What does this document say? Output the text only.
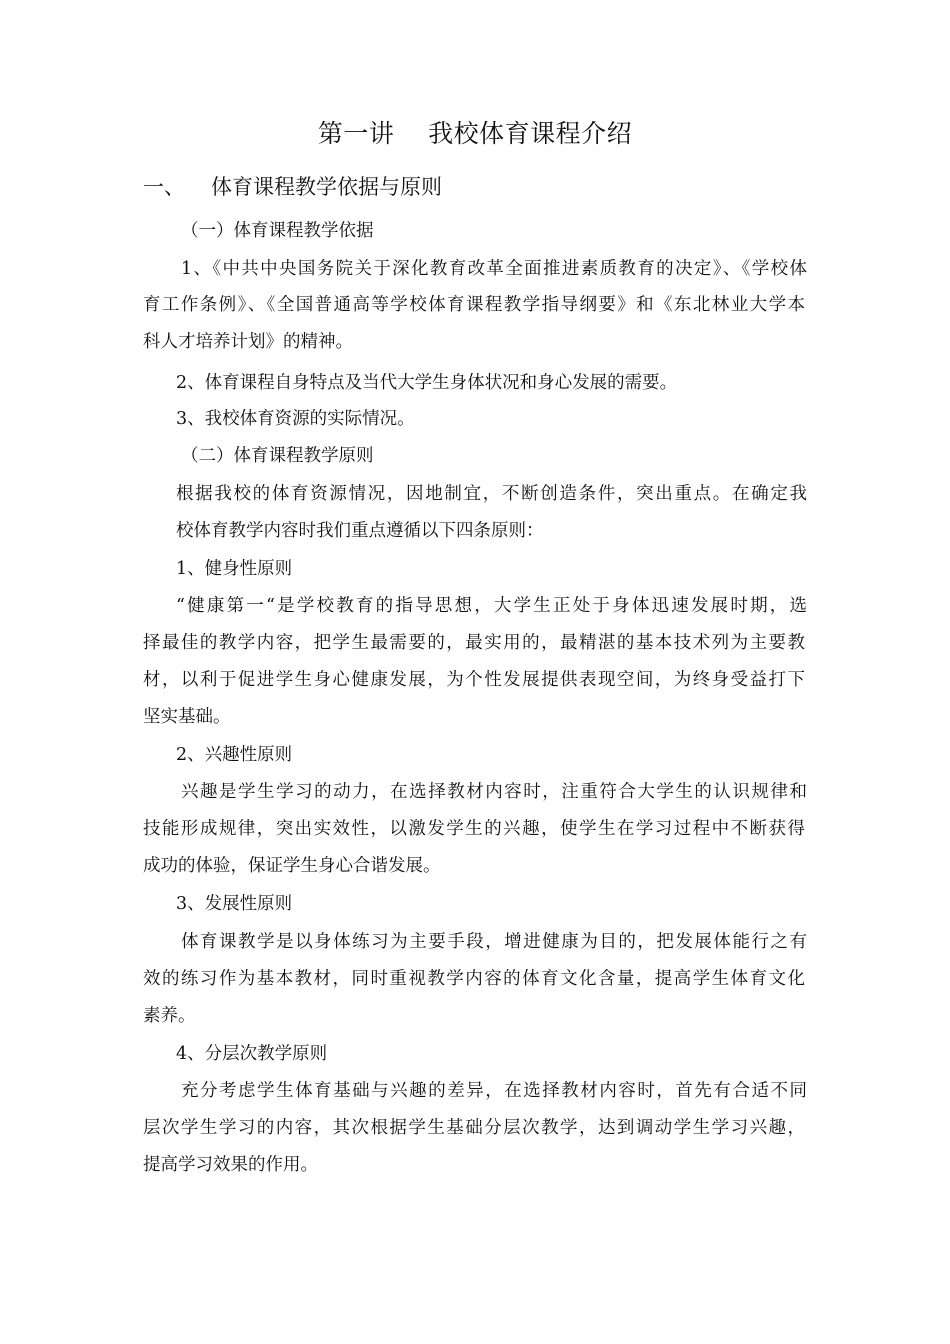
第一讲    我校体育课程介绍
一、 体育课程教学依据与原则
（一）体育课程教学依据
1、《中共中央国务院关于深化教育改革全面推进素质教育的决定》、《学校体
育工作条例》、《全国普通高等学校体育课程教学指导纲要》和《东北林业大学本
科人才培养计划》的精神。
2、体育课程自身特点及当代大学生身体状况和身心发展的需要。
3、我校体育资源的实际情况。
（二）体育课程教学原则
根据我校的体育资源情况，因地制宜，不断创造条件，突出重点。在确定我
校体育教学内容时我们重点遵循以下四条原则：
1、健身性原则
“健康第一“是学校教育的指导思想，大学生正处于身体迅速发展时期，选
择最佳的教学内容，把学生最需要的，最实用的，最精湛的基本技术列为主要教
材，以利于促进学生身心健康发展，为个性发展提供表现空间，为终身受益打下
坚实基础。
2、兴趣性原则
兴趣是学生学习的动力，在选择教材内容时，注重符合大学生的认识规律和
技能形成规律，突出实效性，以激发学生的兴趣，使学生在学习过程中不断获得
成功的体验，保证学生身心合谐发展。
3、发展性原则
体育课教学是以身体练习为主要手段，增进健康为目的，把发展体能行之有
效的练习作为基本教材，同时重视教学内容的体育文化含量，提高学生体育文化
素养。
4、分层次教学原则
充分考虑学生体育基础与兴趣的差异，在选择教材内容时，首先有合适不同
层次学生学习的内容，其次根据学生基础分层次教学，达到调动学生学习兴趣，
提高学习效果的作用。
